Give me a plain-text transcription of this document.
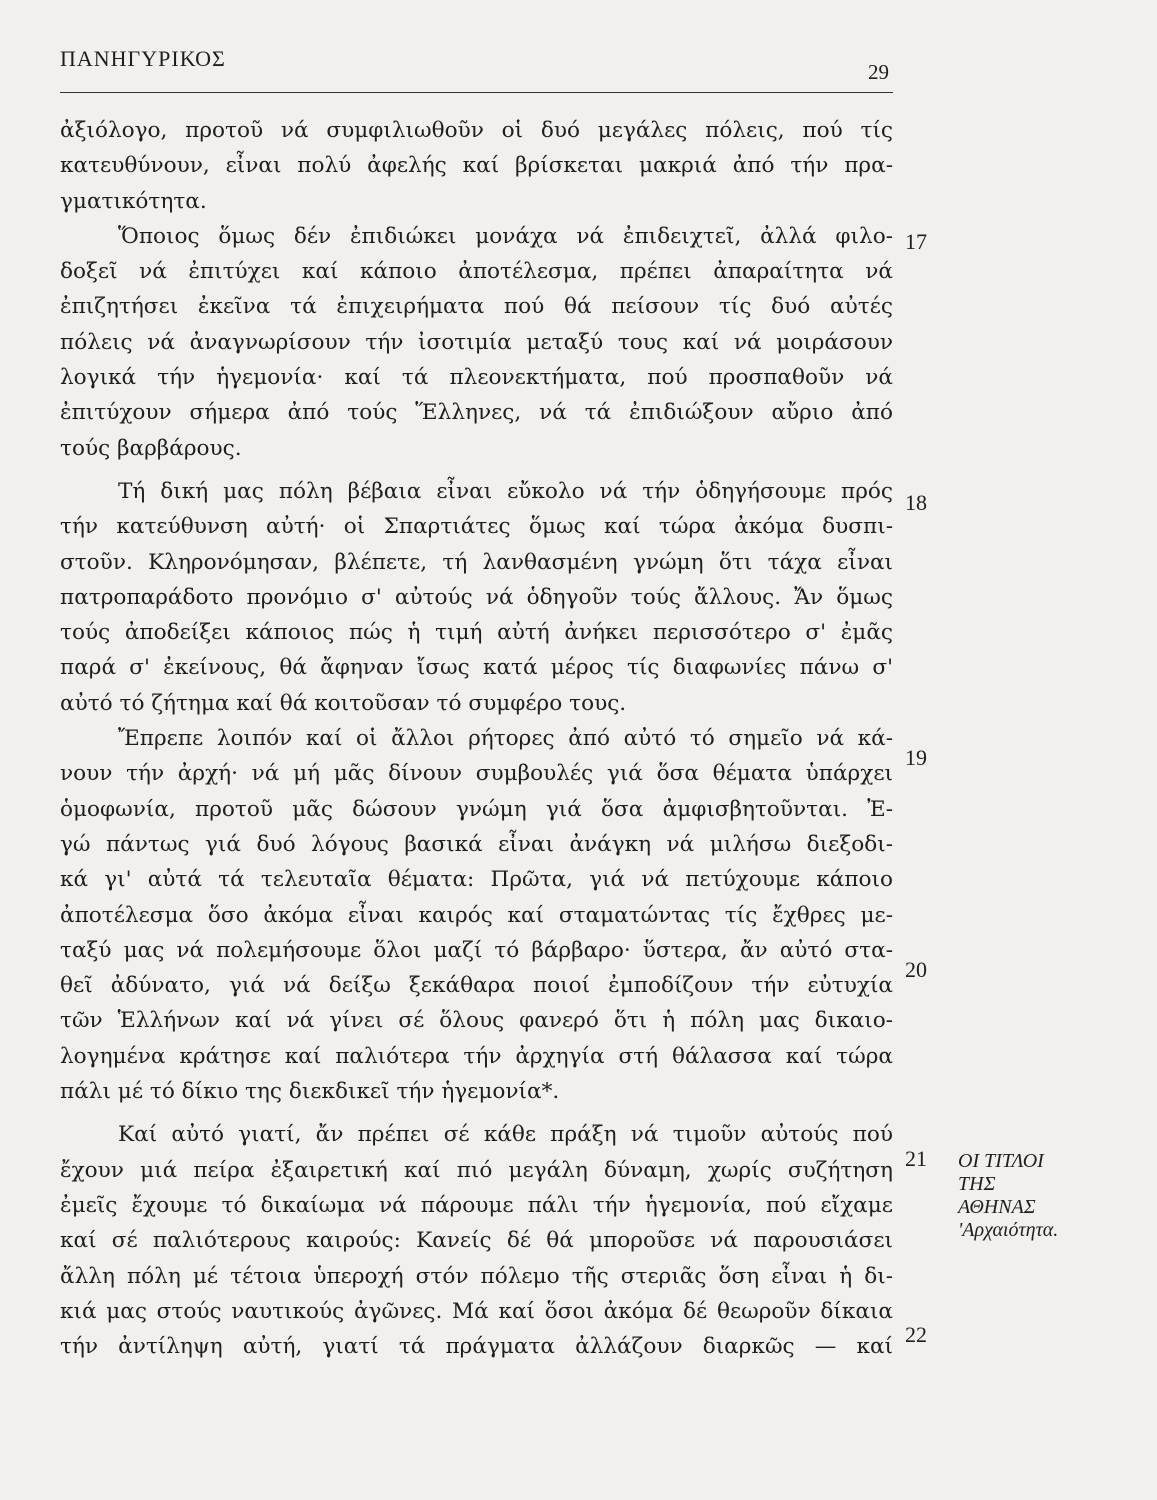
ΠΑΝΗΓΥΡΙΚΟΣ
29
ἀξιόλογο, προτοῦ νά συμφιλιωθοῦν οἱ δυό μεγάλες πόλεις, πού τίς
κατευθύνουν, εἶναι πολύ ἀφελής καί βρίσκεται μακριά ἀπό τήν πρα-
γματικότητα.
Ὅποιος ὅμως δέν ἐπιδιώκει μονάχα νά ἐπιδειχτεῖ, ἀλλά φιλο-
δοξεῖ νά ἐπιτύχει καί κάποιο ἀποτέλεσμα, πρέπει ἀπαραίτητα νά
ἐπιζητήσει ἐκεῖνα τά ἐπιχειρήματα πού θά πείσουν τίς δυό αὐτές
πόλεις νά ἀναγνωρίσουν τήν ἰσοτιμία μεταξύ τους καί νά μοιράσουν
λογικά τήν ἡγεμονία· καί τά πλεονεκτήματα, πού προσπαθοῦν νά
ἐπιτύχουν σήμερα ἀπό τούς Ἕλληνες, νά τά ἐπιδιώξουν αὔριο ἀπό
τούς βαρβάρους.
Τή δική μας πόλη βέβαια εἶναι εὔκολο νά τήν ὁδηγήσουμε πρός
τήν κατεύθυνση αὐτή· οἱ Σπαρτιάτες ὅμως καί τώρα ἀκόμα δυσπι-
στοῦν. Κληρονόμησαν, βλέπετε, τή λανθασμένη γνώμη ὅτι τάχα εἶναι
πατροπαράδοτο προνόμιο σ' αὐτούς νά ὁδηγοῦν τούς ἄλλους. Ἄν ὅμως
τούς ἀποδείξει κάποιος πώς ἡ τιμή αὐτή ἀνήκει περισσότερο σ' ἐμᾶς
παρά σ' ἐκείνους, θά ἄφηναν ἴσως κατά μέρος τίς διαφωνίες πάνω σ'
αὐτό τό ζήτημα καί θά κοιτοῦσαν τό συμφέρο τους.
Ἔπρεπε λοιπόν καί οἱ ἄλλοι ρήτορες ἀπό αὐτό τό σημεῖο νά κά-
νουν τήν ἀρχή· νά μή μᾶς δίνουν συμβουλές γιά ὅσα θέματα ὑπάρχει
ὁμοφωνία, προτοῦ μᾶς δώσουν γνώμη γιά ὅσα ἀμφισβητοῦνται. Ἐ-
γώ πάντως γιά δυό λόγους βασικά εἶναι ἀνάγκη νά μιλήσω διεξοδι-
κά γι' αὐτά τά τελευταῖα θέματα: Πρῶτα, γιά νά πετύχουμε κάποιο
ἀποτέλεσμα ὅσο ἀκόμα εἶναι καιρός καί σταματώντας τίς ἔχθρες με-
ταξύ μας νά πολεμήσουμε ὅλοι μαζί τό βάρβαρο· ὕστερα, ἄν αὐτό στα-
θεῖ ἀδύνατο, γιά νά δείξω ξεκάθαρα ποιοί ἐμποδίζουν τήν εὐτυχία
τῶν Ἑλλήνων καί νά γίνει σέ ὅλους φανερό ὅτι ἡ πόλη μας δικαιο-
λογημένα κράτησε καί παλιότερα τήν ἀρχηγία στή θάλασσα καί τώρα
πάλι μέ τό δίκιο της διεκδικεῖ τήν ἡγεμονία*.
Καί αὐτό γιατί, ἄν πρέπει σέ κάθε πράξη νά τιμοῦν αὐτούς πού
ἔχουν μιά πείρα ἐξαιρετική καί πιό μεγάλη δύναμη, χωρίς συζήτηση
ἐμεῖς ἔχουμε τό δικαίωμα νά πάρουμε πάλι τήν ἡγεμονία, πού εἴχαμε
καί σέ παλιότερους καιρούς: Κανείς δέ θά μποροῦσε νά παρουσιάσει
ἄλλη πόλη μέ τέτοια ὑπεροχή στόν πόλεμο τῆς στεριᾶς ὅση εἶναι ἡ δι-
κιά μας στούς ναυτικούς ἀγῶνες. Μά καί ὅσοι ἀκόμα δέ θεωροῦν δίκαια
τήν ἀντίληψη αὐτή, γιατί τά πράγματα ἀλλάζουν διαρκῶς — καί
17
18
19
20
21
22
ΟΙ ΤΙΤΛΟΙ
ΤΗΣ
ΑΘΗΝΑΣ
'Αρχαιότητα.
